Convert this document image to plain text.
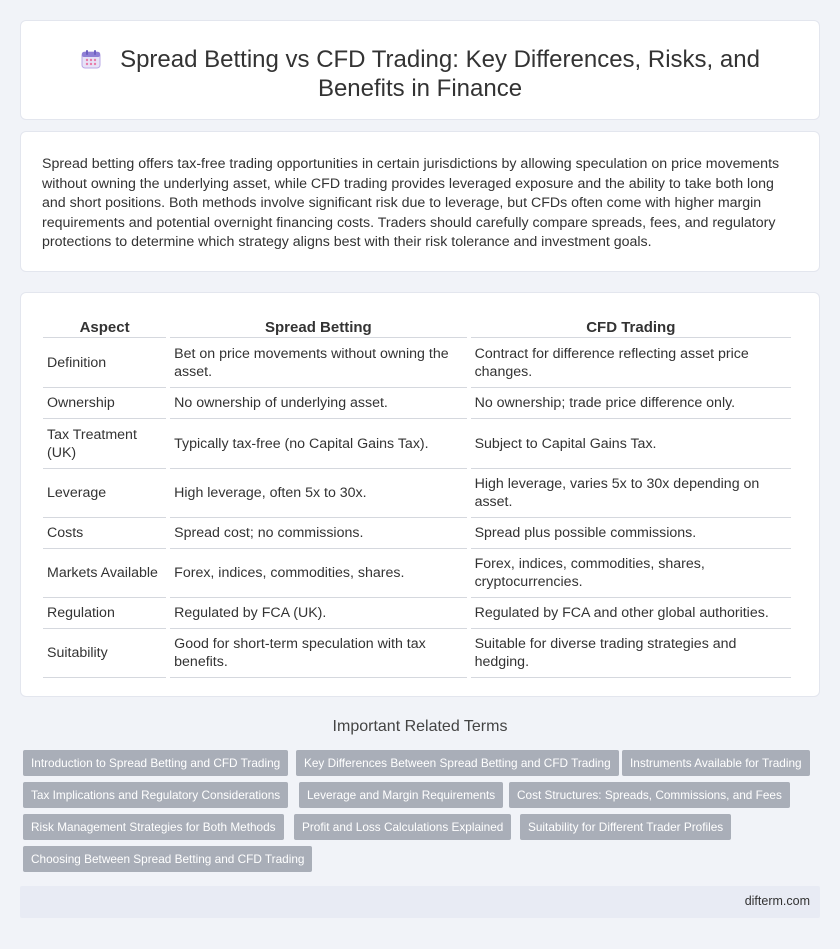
Spread Betting vs CFD Trading: Key Differences, Risks, and
Benefits in Finance

Spread betting offers tax-free trading opportunities in certain jurisdictions by allowing speculation on price movements without owning the underlying asset, while CFD trading provides leveraged exposure and the ability to take both long and short positions. Both methods involve significant risk due to leverage, but CFDs often come with higher margin requirements and potential overnight financing costs. Traders should carefully compare spreads, fees, and regulatory protections to determine which strategy aligns best with their risk tolerance and investment goals.

Aspect	Spread Betting	CFD Trading
Definition	Bet on price movements without owning the asset.	Contract for difference reflecting asset price changes.
Ownership	No ownership of underlying asset.	No ownership; trade price difference only.
Tax Treatment (UK)	Typically tax-free (no Capital Gains Tax).	Subject to Capital Gains Tax.
Leverage	High leverage, often 5x to 30x.	High leverage, varies 5x to 30x depending on asset.
Costs	Spread cost; no commissions.	Spread plus possible commissions.
Markets Available	Forex, indices, commodities, shares.	Forex, indices, commodities, shares, cryptocurrencies.
Regulation	Regulated by FCA (UK).	Regulated by FCA and other global authorities.
Suitability	Good for short-term speculation with tax benefits.	Suitable for diverse trading strategies and hedging.
Important Related Terms
Introduction to Spread Betting and CFD Trading	Key Differences Between Spread Betting and CFD Trading	Instruments Available for Trading
Tax Implications and Regulatory Considerations	Leverage and Margin Requirements	Cost Structures: Spreads, Commissions, and Fees
Risk Management Strategies for Both Methods	Profit and Loss Calculations Explained	Suitability for Different Trader Profiles
Choosing Between Spread Betting and CFD Trading
difterm.com
